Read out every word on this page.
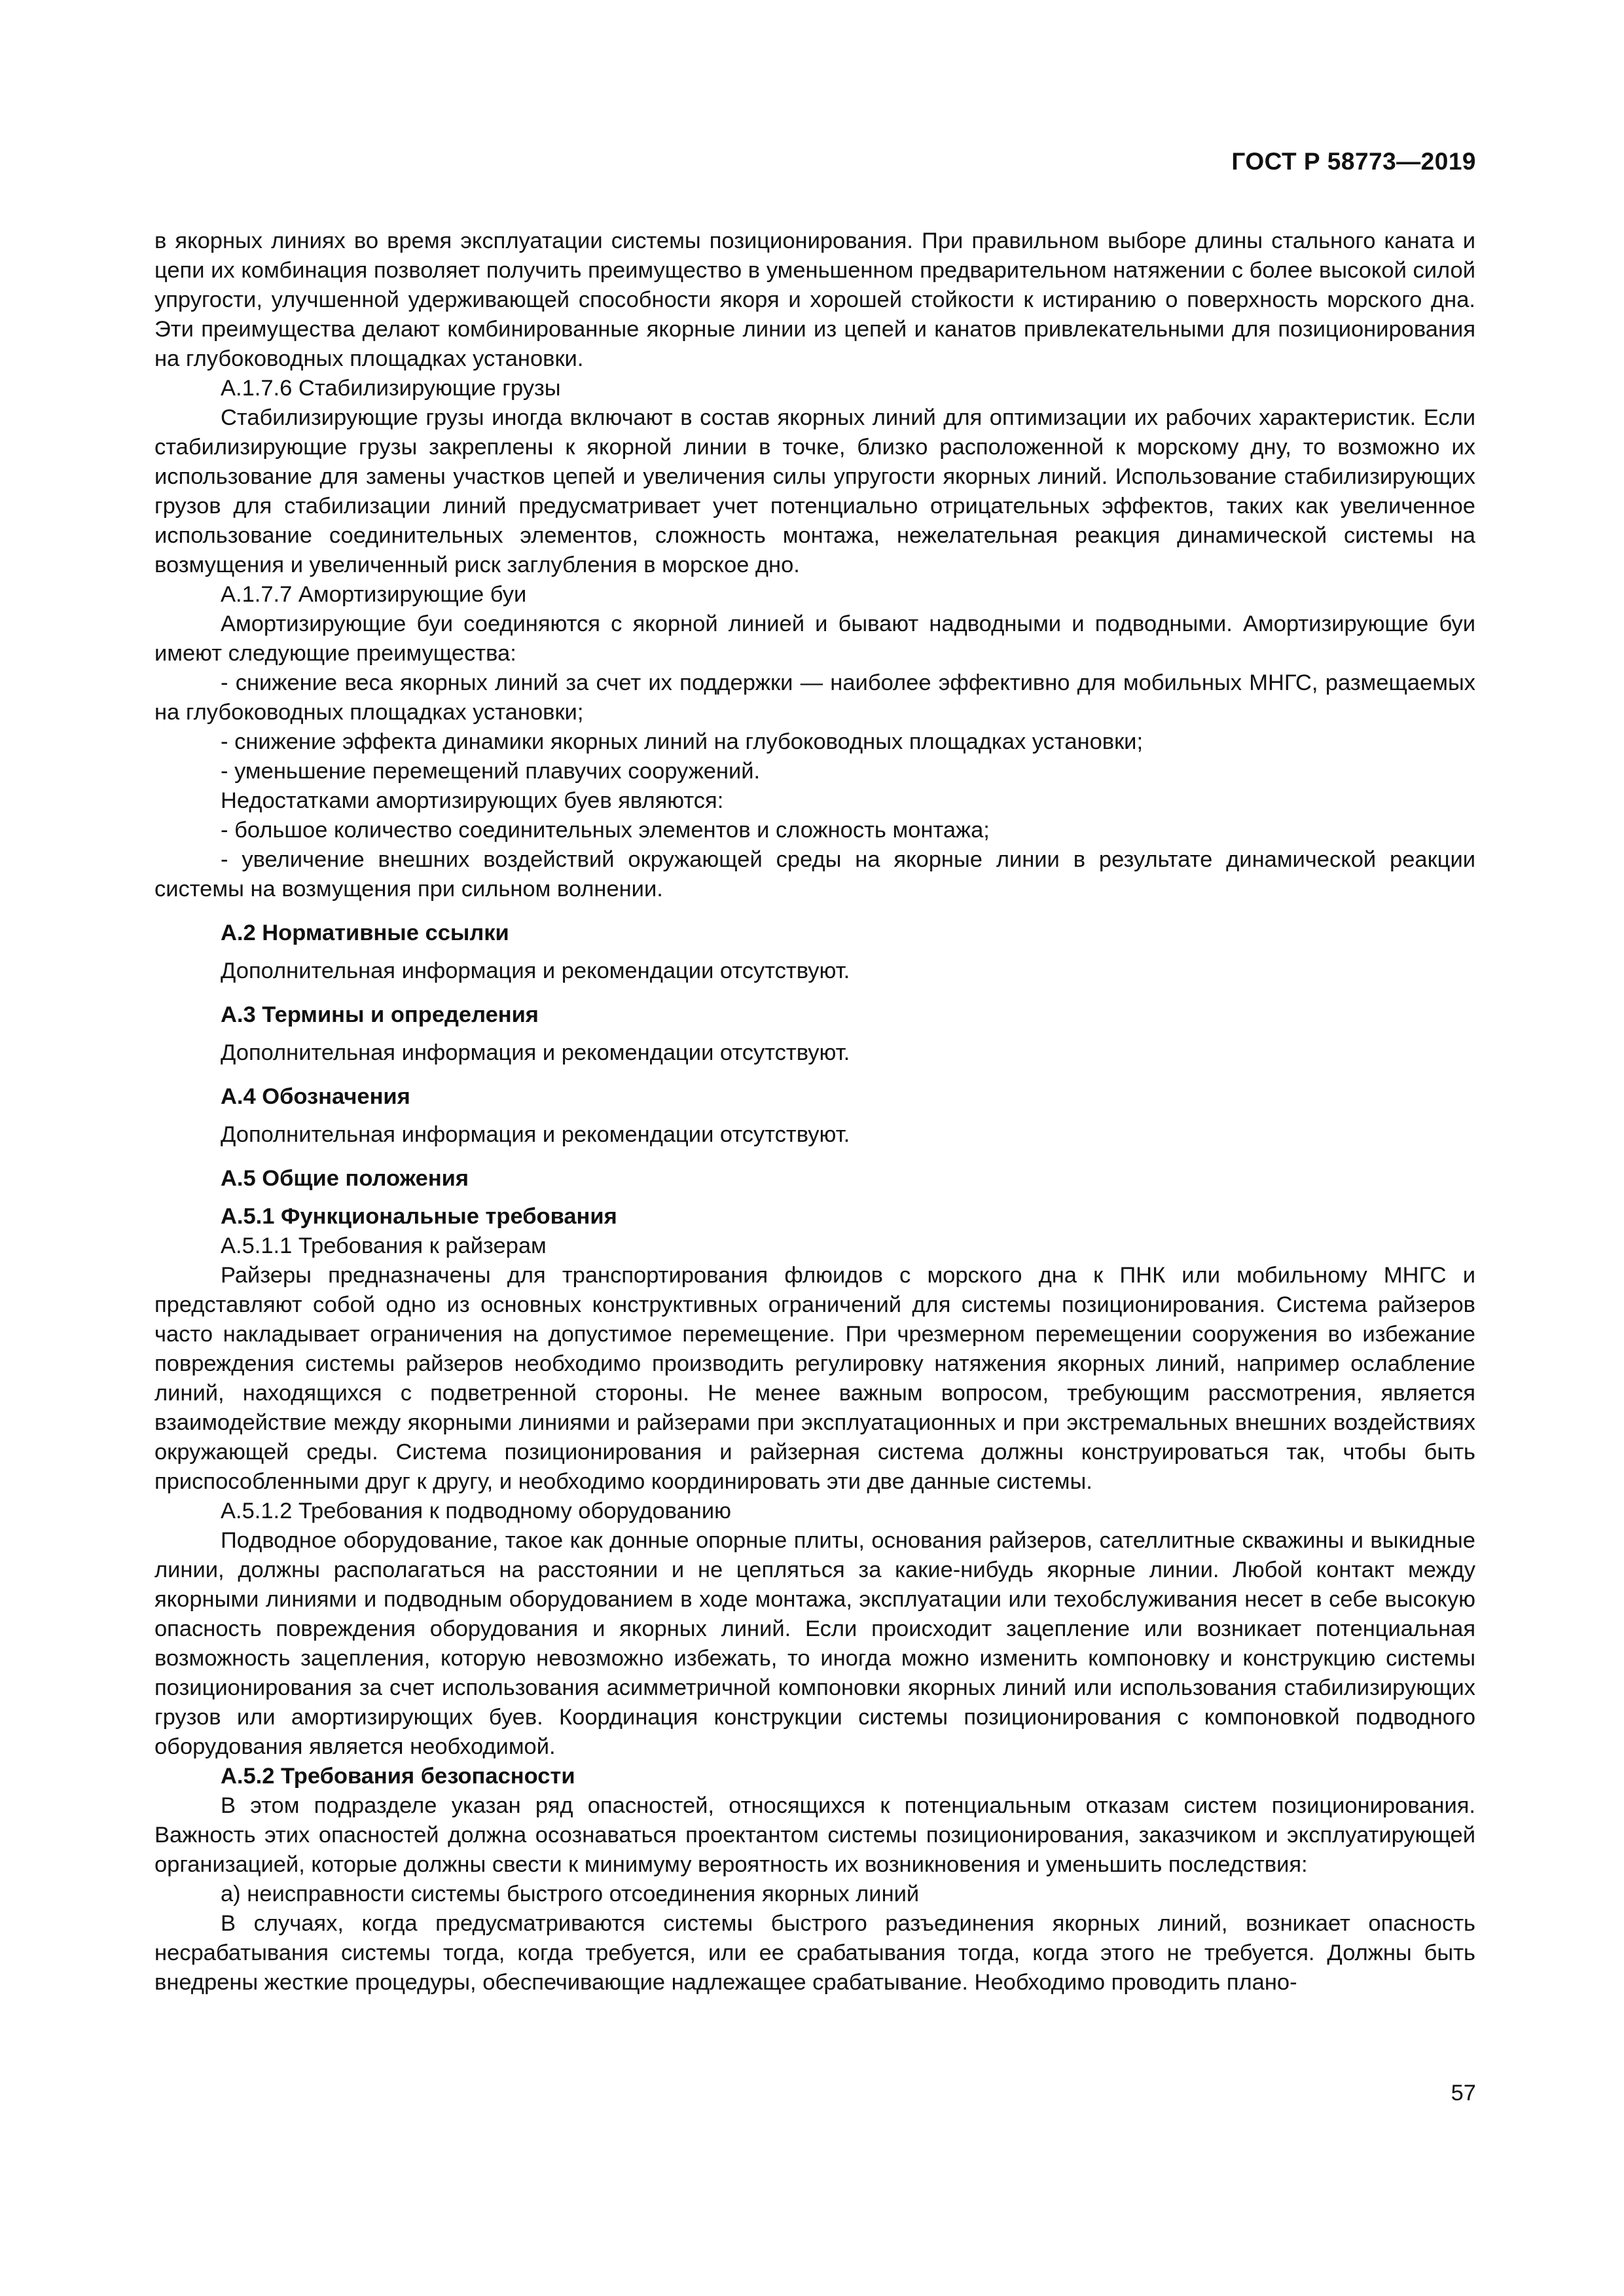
ГОСТ Р 58773—2019

в якорных линиях во время эксплуатации системы позиционирования. При правильном выборе длины стального каната и цепи их комбинация позволяет получить преимущество в уменьшенном предварительном натяжении с более высокой силой упругости, улучшенной удерживающей способности якоря и хорошей стойкости к истиранию о поверхность морского дна. Эти преимущества делают комбинированные якорные линии из цепей и канатов привлекательными для позиционирования на глубоководных площадках установки.

А.1.7.6 Стабилизирующие грузы

Стабилизирующие грузы иногда включают в состав якорных линий для оптимизации их рабочих характеристик. Если стабилизирующие грузы закреплены к якорной линии в точке, близко расположенной к морскому дну, то возможно их использование для замены участков цепей и увеличения силы упругости якорных линий. Использование стабилизирующих грузов для стабилизации линий предусматривает учет потенциально отрицательных эффектов, таких как увеличенное использование соединительных элементов, сложность монтажа, нежелательная реакция динамической системы на возмущения и увеличенный риск заглубления в морское дно.

А.1.7.7 Амортизирующие буи

Амортизирующие буи соединяются с якорной линией и бывают надводными и подводными. Амортизирующие буи имеют следующие преимущества:

- снижение веса якорных линий за счет их поддержки — наиболее эффективно для мобильных МНГС, размещаемых на глубоководных площадках установки;

- снижение эффекта динамики якорных линий на глубоководных площадках установки;

- уменьшение перемещений плавучих сооружений.

Недостатками амортизирующих буев являются:

- большое количество соединительных элементов и сложность монтажа;

- увеличение внешних воздействий окружающей среды на якорные линии в результате динамической реакции системы на возмущения при сильном волнении.

А.2 Нормативные ссылки

Дополнительная информация и рекомендации отсутствуют.

А.3 Термины и определения

Дополнительная информация и рекомендации отсутствуют.

А.4 Обозначения

Дополнительная информация и рекомендации отсутствуют.

А.5 Общие положения

А.5.1 Функциональные требования

А.5.1.1 Требования к райзерам

Райзеры предназначены для транспортирования флюидов с морского дна к ПНК или мобильному МНГС и представляют собой одно из основных конструктивных ограничений для системы позиционирования. Система райзеров часто накладывает ограничения на допустимое перемещение. При чрезмерном перемещении сооружения во избежание повреждения системы райзеров необходимо производить регулировку натяжения якорных линий, например ослабление линий, находящихся с подветренной стороны. Не менее важным вопросом, требующим рассмотрения, является взаимодействие между якорными линиями и райзерами при эксплуатационных и при экстремальных внешних воздействиях окружающей среды. Система позиционирования и райзерная система должны конструироваться так, чтобы быть приспособленными друг к другу, и необходимо координировать эти две данные системы.

А.5.1.2 Требования к подводному оборудованию

Подводное оборудование, такое как донные опорные плиты, основания райзеров, сателлитные скважины и выкидные линии, должны располагаться на расстоянии и не цепляться за какие-нибудь якорные линии. Любой контакт между якорными линиями и подводным оборудованием в ходе монтажа, эксплуатации или техобслуживания несет в себе высокую опасность повреждения оборудования и якорных линий. Если происходит зацепление или возникает потенциальная возможность зацепления, которую невозможно избежать, то иногда можно изменить компоновку и конструкцию системы позиционирования за счет использования асимметричной компоновки якорных линий или использования стабилизирующих грузов или амортизирующих буев. Координация конструкции системы позиционирования с компоновкой подводного оборудования является необходимой.

А.5.2 Требования безопасности

В этом подразделе указан ряд опасностей, относящихся к потенциальным отказам систем позиционирования. Важность этих опасностей должна осознаваться проектантом системы позиционирования, заказчиком и эксплуатирующей организацией, которые должны свести к минимуму вероятность их возникновения и уменьшить последствия:

а) неисправности системы быстрого отсоединения якорных линий

В случаях, когда предусматриваются системы быстрого разъединения якорных линий, возникает опасность несрабатывания системы тогда, когда требуется, или ее срабатывания тогда, когда этого не требуется. Должны быть внедрены жесткие процедуры, обеспечивающие надлежащее срабатывание. Необходимо проводить плано-

57
